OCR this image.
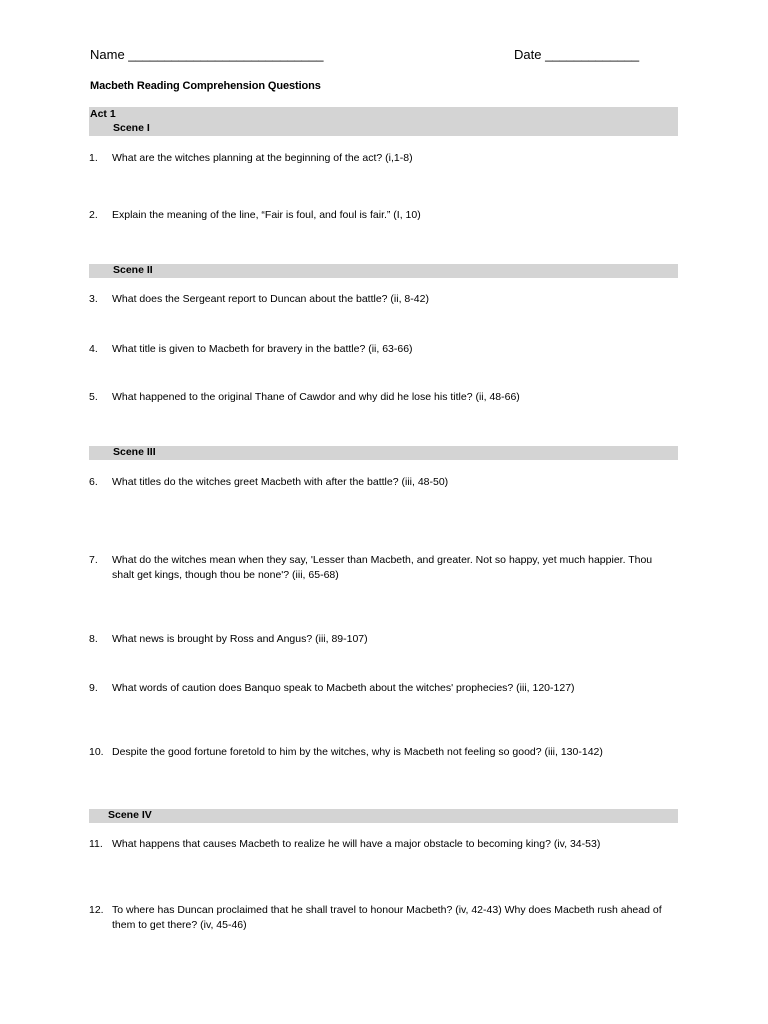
Name ___________________________	Date _____________
Macbeth Reading Comprehension Questions
Act 1
Scene I
1. What are the witches planning at the beginning of the act? (i,1-8)
2. Explain the meaning of the line, “Fair is foul, and foul is fair.” (I, 10)
Scene II
3. What does the Sergeant report to Duncan about the battle? (ii, 8-42)
4. What title is given to Macbeth for bravery in the battle? (ii, 63-66)
5. What happened to the original Thane of Cawdor and why did he lose his title? (ii, 48-66)
Scene III
6. What titles do the witches greet Macbeth with after the battle? (iii, 48-50)
7. What do the witches mean when they say, 'Lesser than Macbeth, and greater. Not so happy, yet much happier. Thou shalt get kings, though thou be none'? (iii, 65-68)
8. What news is brought by Ross and Angus? (iii, 89-107)
9. What words of caution does Banquo speak to Macbeth about the witches' prophecies? (iii, 120-127)
10. Despite the good fortune foretold to him by the witches, why is Macbeth not feeling so good? (iii, 130-142)
Scene IV
11. What happens that causes Macbeth to realize he will have a major obstacle to becoming king? (iv, 34-53)
12. To where has Duncan proclaimed that he shall travel to honour Macbeth? (iv, 42-43) Why does Macbeth rush ahead of them to get there? (iv, 45-46)
